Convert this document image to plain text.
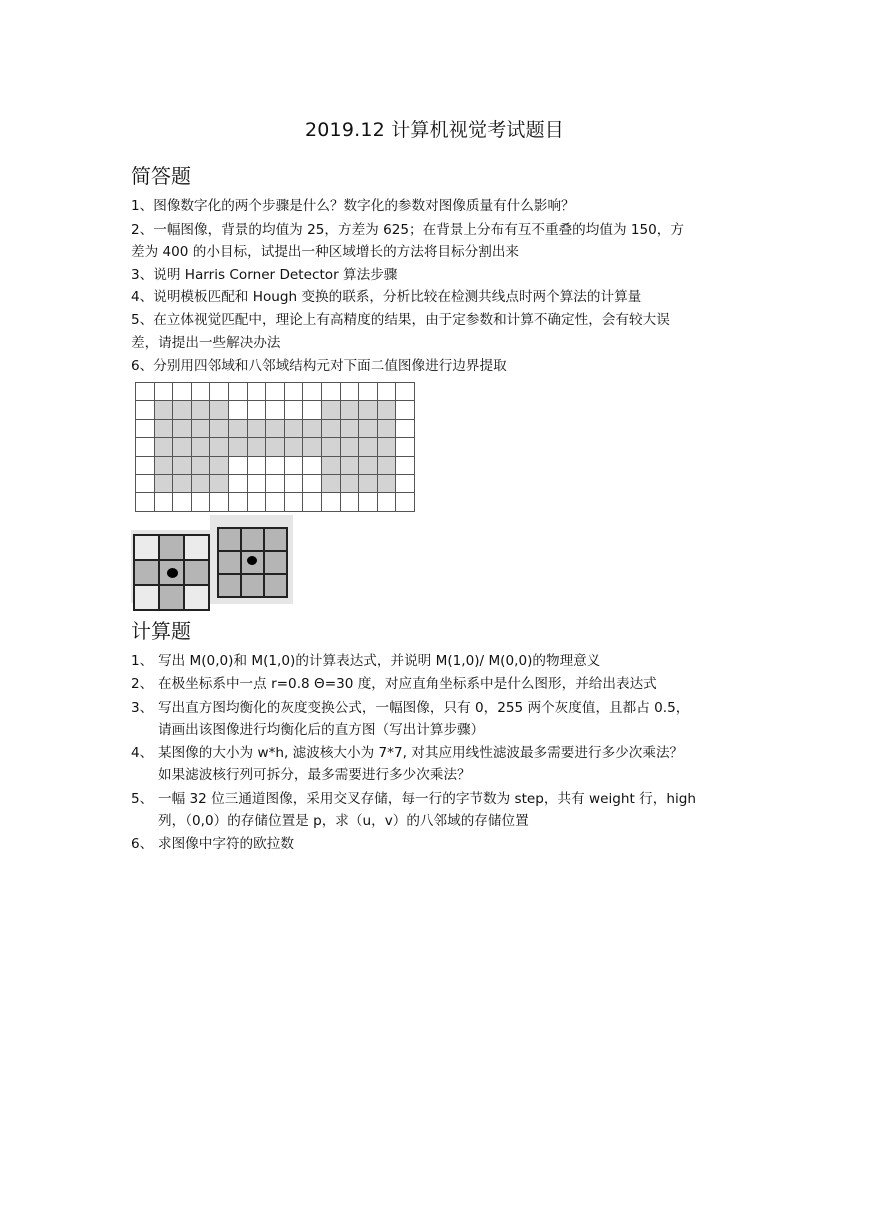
2019.12 计算机视觉考试题目
简答题
1、图像数字化的两个步骤是什么？数字化的参数对图像质量有什么影响？
2、一幅图像，背景的均值为 25，方差为 625；在背景上分布有互不重叠的均值为 150，方
差为 400 的小目标，试提出一种区域增长的方法将目标分割出来
3、说明 Harris Corner Detector 算法步骤
4、说明模板匹配和 Hough 变换的联系，分析比较在检测共线点时两个算法的计算量
5、在立体视觉匹配中，理论上有高精度的结果，由于定参数和计算不确定性，会有较大误
差，请提出一些解决办法
6、分别用四邻域和八邻域结构元对下面二值图像进行边界提取

计算题
1、 写出 M(0,0)和 M(1,0)的计算表达式，并说明 M(1,0)/ M(0,0)的物理意义
2、 在极坐标系中一点 r=0.8 Θ=30 度，对应直角坐标系中是什么图形，并给出表达式
3、 写出直方图均衡化的灰度变换公式，一幅图像，只有 0，255 两个灰度值，且都占 0.5，
请画出该图像进行均衡化后的直方图（写出计算步骤）
4、 某图像的大小为 w*h, 滤波核大小为 7*7, 对其应用线性滤波最多需要进行多少次乘法？
如果滤波核行列可拆分，最多需要进行多少次乘法？
5、 一幅 32 位三通道图像，采用交叉存储，每一行的字节数为 step，共有 weight 行，high
列，（0,0）的存储位置是 p，求（u，v）的八邻域的存储位置
6、 求图像中字符的欧拉数
